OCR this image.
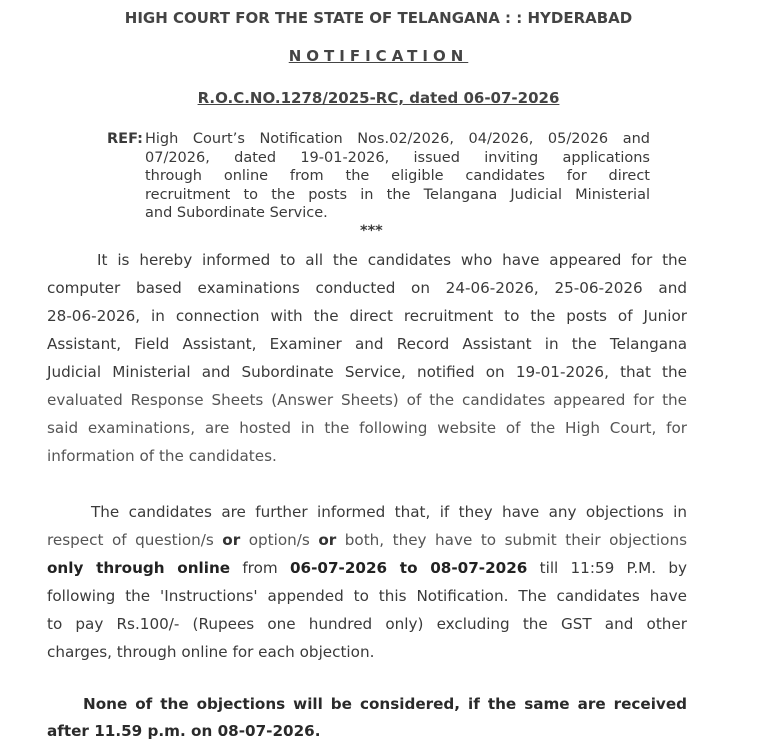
HIGH COURT FOR THE STATE OF TELANGANA : : HYDERABAD
NOTIFICATION
R.O.C.NO.1278/2025-RC, dated 06-07-2026
REF: High Court’s Notification Nos.02/2026, 04/2026, 05/2026 and
07/2026, dated 19-01-2026, issued inviting applications
through online from the eligible candidates for direct
recruitment to the posts in the Telangana Judicial Ministerial
and Subordinate Service.
***
It is hereby informed to all the candidates who have appeared for the
computer based examinations conducted on 24-06-2026, 25-06-2026 and
28-06-2026, in connection with the direct recruitment to the posts of Junior
Assistant, Field Assistant, Examiner and Record Assistant in the Telangana
Judicial Ministerial and Subordinate Service, notified on 19-01-2026, that the
evaluated Response Sheets (Answer Sheets) of the candidates appeared for the
said examinations, are hosted in the following website of the High Court, for
information of the candidates.
The candidates are further informed that, if they have any objections in
respect of question/s or option/s or both, they have to submit their objections
only through online from 06-07-2026 to 08-07-2026 till 11:59 P.M. by
following the 'Instructions' appended to this Notification. The candidates have
to pay Rs.100/- (Rupees one hundred only) excluding the GST and other
charges, through online for each objection.
None of the objections will be considered, if the same are received
after 11.59 p.m. on 08-07-2026.
